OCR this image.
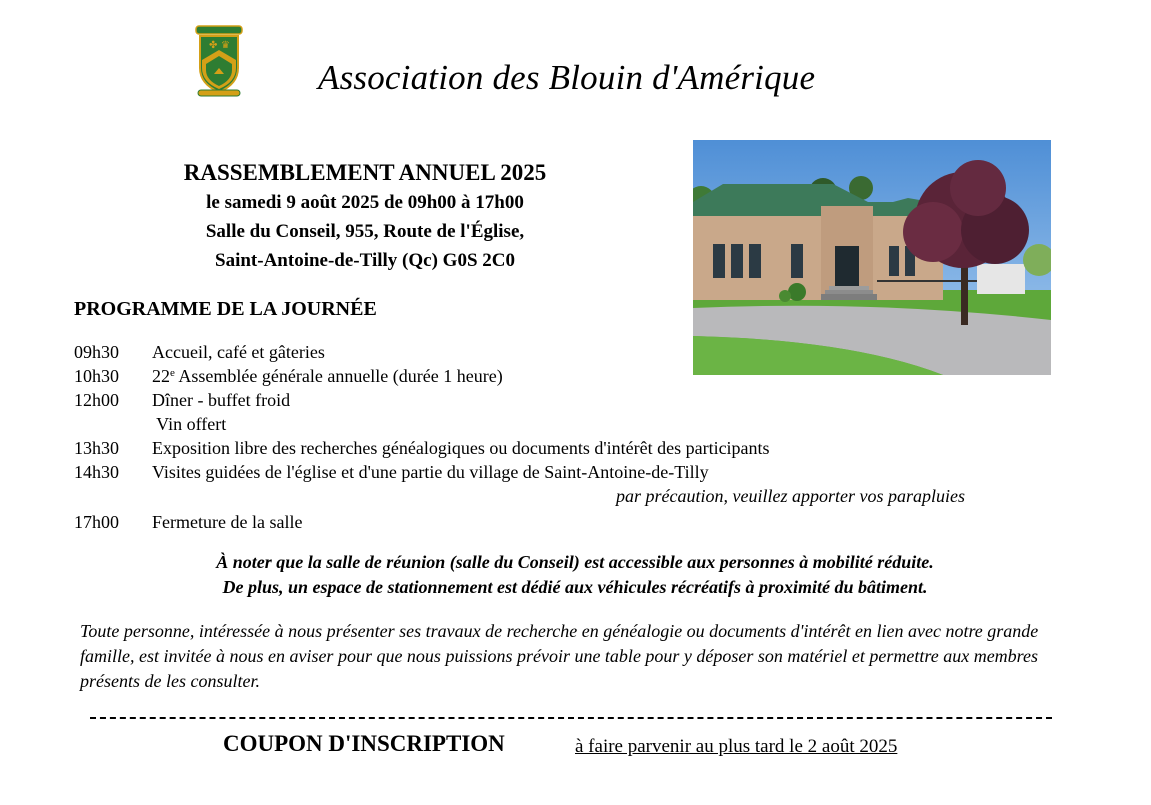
✤ ♛
Association des Blouin d'Amérique
RASSEMBLEMENT ANNUEL 2025
le samedi 9 août 2025 de 09h00 à 17h00
Salle du Conseil, 955, Route de l'Église,
Saint-Antoine-de-Tilly (Qc) G0S 2C0
PROGRAMME DE LA JOURNÉE
09h30	Accueil, café et gâteries
10h30	22e Assemblée générale annuelle (durée 1 heure)
12h00	Dîner - buffet froid
Vin offert
13h30	Exposition libre des recherches généalogiques ou documents d'intérêt des participants
14h30	Visites guidées de l'église et d'une partie du village de Saint-Antoine-de-Tilly
17h00	Fermeture de la salle
par précaution, veuillez apporter vos parapluies
À noter que la salle de réunion (salle du Conseil) est accessible aux personnes à mobilité réduite.
De plus, un espace de stationnement est dédié aux véhicules récréatifs à proximité du bâtiment.
Toute personne, intéressée à nous présenter ses travaux de recherche en généalogie ou documents d'intérêt en lien avec notre grande famille, est invitée à nous en aviser pour que nous puissions prévoir une table pour y déposer son matériel et permettre aux membres présents de les consulter.
COUPON D'INSCRIPTION	à faire parvenir au plus tard le 2 août 2025
